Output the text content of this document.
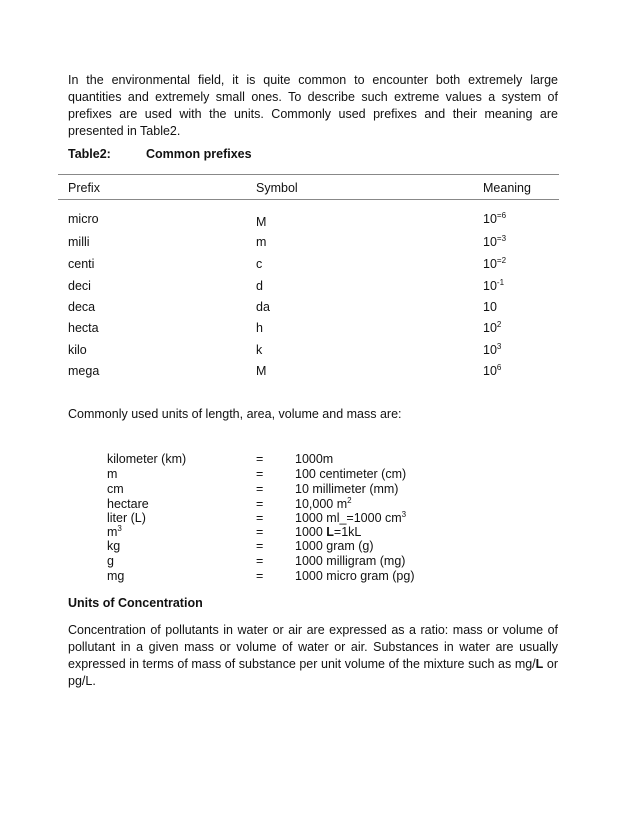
In the environmental field, it is quite common to encounter both extremely large quantities and extremely small ones. To describe such extreme values a system of prefixes are used with the units. Commonly used prefixes and their meaning are presented in Table2.

Table2:	Common prefixes
Prefix	Symbol	Meaning
micro	M	$10^{=6}$
milli	m	$10^{=3}$
centi	c	$10^{=2}$
deci	d	$10^{-1}$
deca	da	10
hecta	h	$10^2$
kilo	k	$10^3$
mega	M	$10^6$
Commonly used units of length, area, volume and mass are:
kilometer (km)	=	1000m
m	=	100 centimeter (cm)
cm	=	10 millimeter (mm)
hectare	=	10,000 $m^2$
liter (L)	=	1000 ml_=1000 $cm^3$
$m^3$	=	1000 L=1kL
kg	=	1000 gram (g)
g	=	1000 milligram (mg)
mg	=	1000 micro gram (pg)
Units of Concentration

Concentration of pollutants in water or air are expressed as a ratio: mass or volume of pollutant in a given mass or volume of water or air. Substances in water are usually expressed in terms of mass of substance per unit volume of the mixture such as mg/L or pg/L.
